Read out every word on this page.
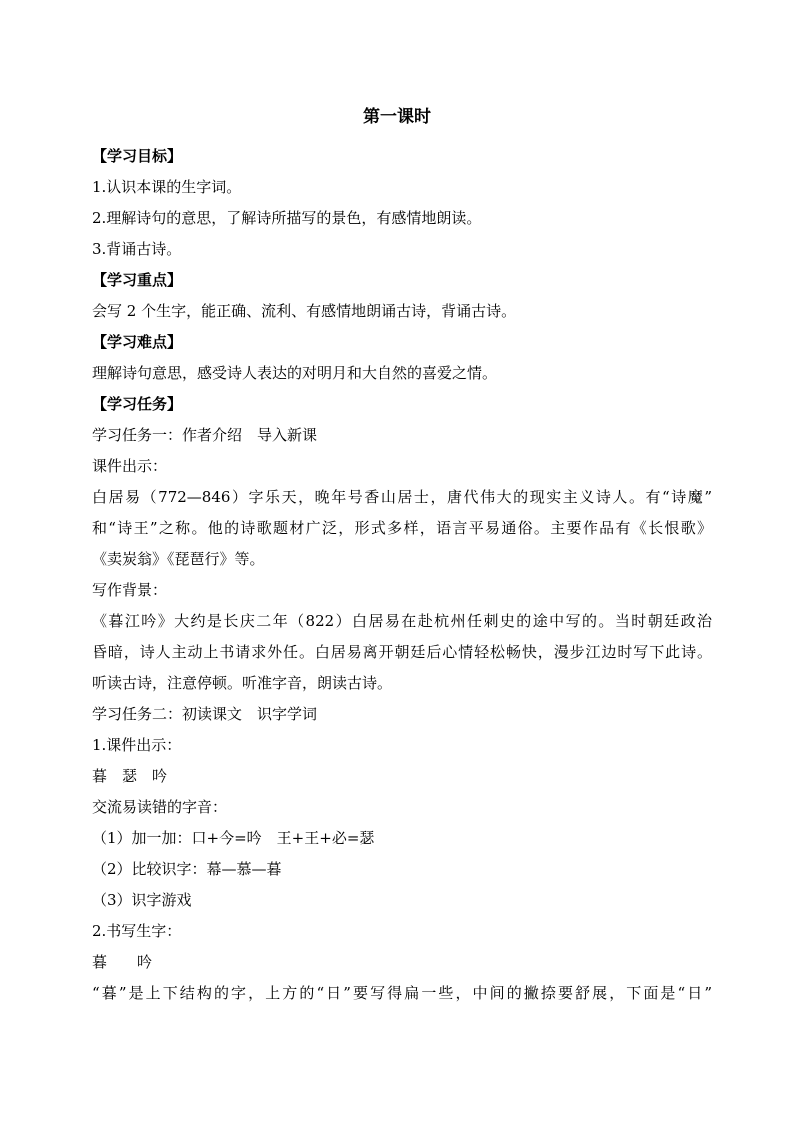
第一课时
【学习目标】
1.认识本课的生字词。
2.理解诗句的意思，了解诗所描写的景色，有感情地朗读。
3.背诵古诗。
【学习重点】
会写 2 个生字，能正确、流利、有感情地朗诵古诗，背诵古诗。
【学习难点】
理解诗句意思，感受诗人表达的对明月和大自然的喜爱之情。
【学习任务】
学习任务一：作者介绍　导入新课
课件出示：
白居易（772—846）字乐天，晚年号香山居士，唐代伟大的现实主义诗人。有“诗魔”
和“诗王”之称。他的诗歌题材广泛，形式多样，语言平易通俗。主要作品有《长恨歌》
《卖炭翁》《琵琶行》等。
写作背景：
《暮江吟》大约是长庆二年（822）白居易在赴杭州任刺史的途中写的。当时朝廷政治
昏暗，诗人主动上书请求外任。白居易离开朝廷后心情轻松畅快，漫步江边时写下此诗。
听读古诗，注意停顿。听准字音，朗读古诗。
学习任务二：初读课文　识字学词
1.课件出示：
暮　瑟　吟
交流易读错的字音：
（1）加一加：口+今=吟　王+王+必=瑟
（2）比较识字：幕—慕—暮
（3）识字游戏
2.书写生字：
暮　　吟
“暮”是上下结构的字，上方的“日”要写得扁一些，中间的撇捺要舒展，下面是“日”
